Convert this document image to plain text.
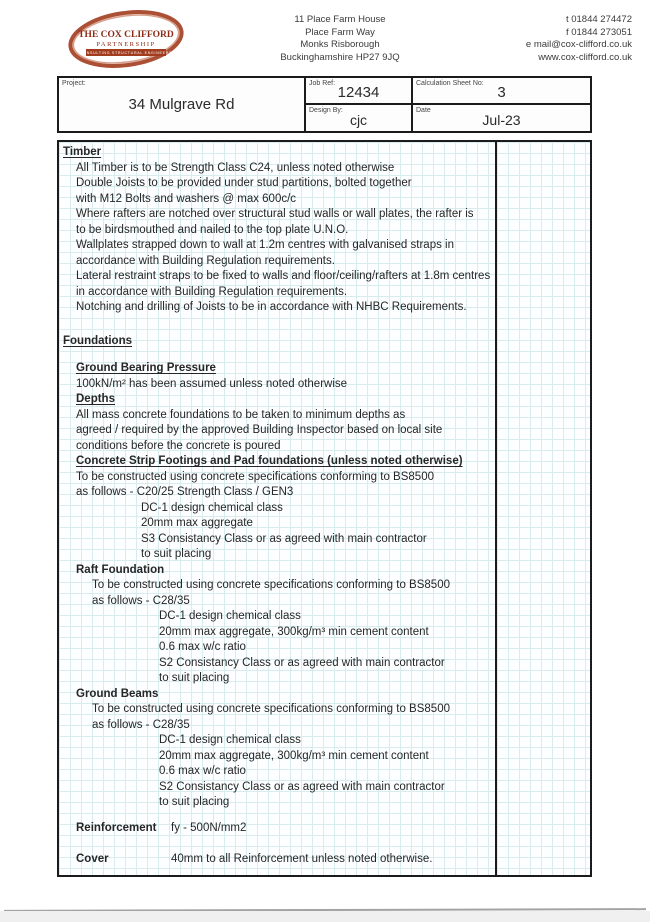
THE COX CLIFFORD
PARTNERSHIP
CONSULTING STRUCTURAL ENGINEERS
11 Place Farm House
Place Farm Way
Monks Risborough
Buckinghamshire HP27 9JQ
t 01844 274472
f 01844 273051
e mail@cox-clifford.co.uk
www.cox-clifford.co.uk
Project:
34 Mulgrave Rd
Job Ref:
12434
Design By:
cjc
Calculation Sheet No:
3
Date
Jul-23
Timber
All Timber is to be Strength Class C24, unless noted otherwise
Double Joists to be provided under stud partitions, bolted together
with M12 Bolts and washers @ max 600c/c
Where rafters are notched over structural stud walls or wall plates, the rafter is
to be birdsmouthed and nailed to the top plate U.N.O.
Wallplates strapped down to wall at 1.2m centres with galvanised straps in
accordance with Building Regulation requirements.
Lateral restraint straps to be fixed to walls and floor/ceiling/rafters at 1.8m centres
in accordance with Building Regulation requirements.
Notching and drilling of Joists to be in accordance with NHBC Requirements.
Foundations
Ground Bearing Pressure
100kN/m² has been assumed unless noted otherwise
Depths
All mass concrete foundations to be taken to minimum depths as
agreed / required by the approved Building Inspector based on local site
conditions before the concrete is poured
Concrete Strip Footings and Pad foundations (unless noted otherwise)
To be constructed using concrete specifications conforming to BS8500
as follows - C20/25 Strength Class / GEN3
DC-1 design chemical class
20mm max aggregate
S3 Consistancy Class or as agreed with main contractor
to suit placing
Raft Foundation
To be constructed using concrete specifications conforming to BS8500
as follows - C28/35
DC-1 design chemical class
20mm max aggregate, 300kg/m³ min cement content
0.6 max w/c ratio
S2 Consistancy Class or as agreed with main contractor
to suit placing
Ground Beams
To be constructed using concrete specifications conforming to BS8500
as follows - C28/35
DC-1 design chemical class
20mm max aggregate, 300kg/m³ min cement content
0.6 max w/c ratio
S2 Consistancy Class or as agreed with main contractor
to suit placing
Reinforcement	fy - 500N/mm2
Cover	40mm to all Reinforcement unless noted otherwise.
